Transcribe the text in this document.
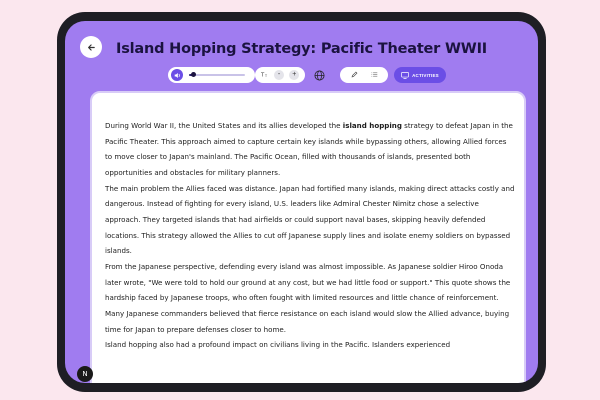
Island Hopping Strategy: Pacific Theater WWII
T T	-	+	ACTIVITIES

During World War II, the United States and its allies developed the island hopping strategy to defeat Japan in the Pacific Theater. This approach aimed to capture certain key islands while bypassing others, allowing Allied forces to move closer to Japan's mainland. The Pacific Ocean, filled with thousands of islands, presented both opportunities and obstacles for military planners.

The main problem the Allies faced was distance. Japan had fortified many islands, making direct attacks costly and dangerous. Instead of fighting for every island, U.S. leaders like Admiral Chester Nimitz chose a selective approach. They targeted islands that had airfields or could support naval bases, skipping heavily defended locations. This strategy allowed the Allies to cut off Japanese supply lines and isolate enemy soldiers on bypassed islands.

From the Japanese perspective, defending every island was almost impossible. As Japanese soldier Hiroo Onoda later wrote, "We were told to hold our ground at any cost, but we had little food or support." This quote shows the hardship faced by Japanese troops, who often fought with limited resources and little chance of reinforcement. Many Japanese commanders believed that fierce resistance on each island would slow the Allied advance, buying time for Japan to prepare defenses closer to home.

Island hopping also had a profound impact on civilians living in the Pacific. Islanders experienced

N
